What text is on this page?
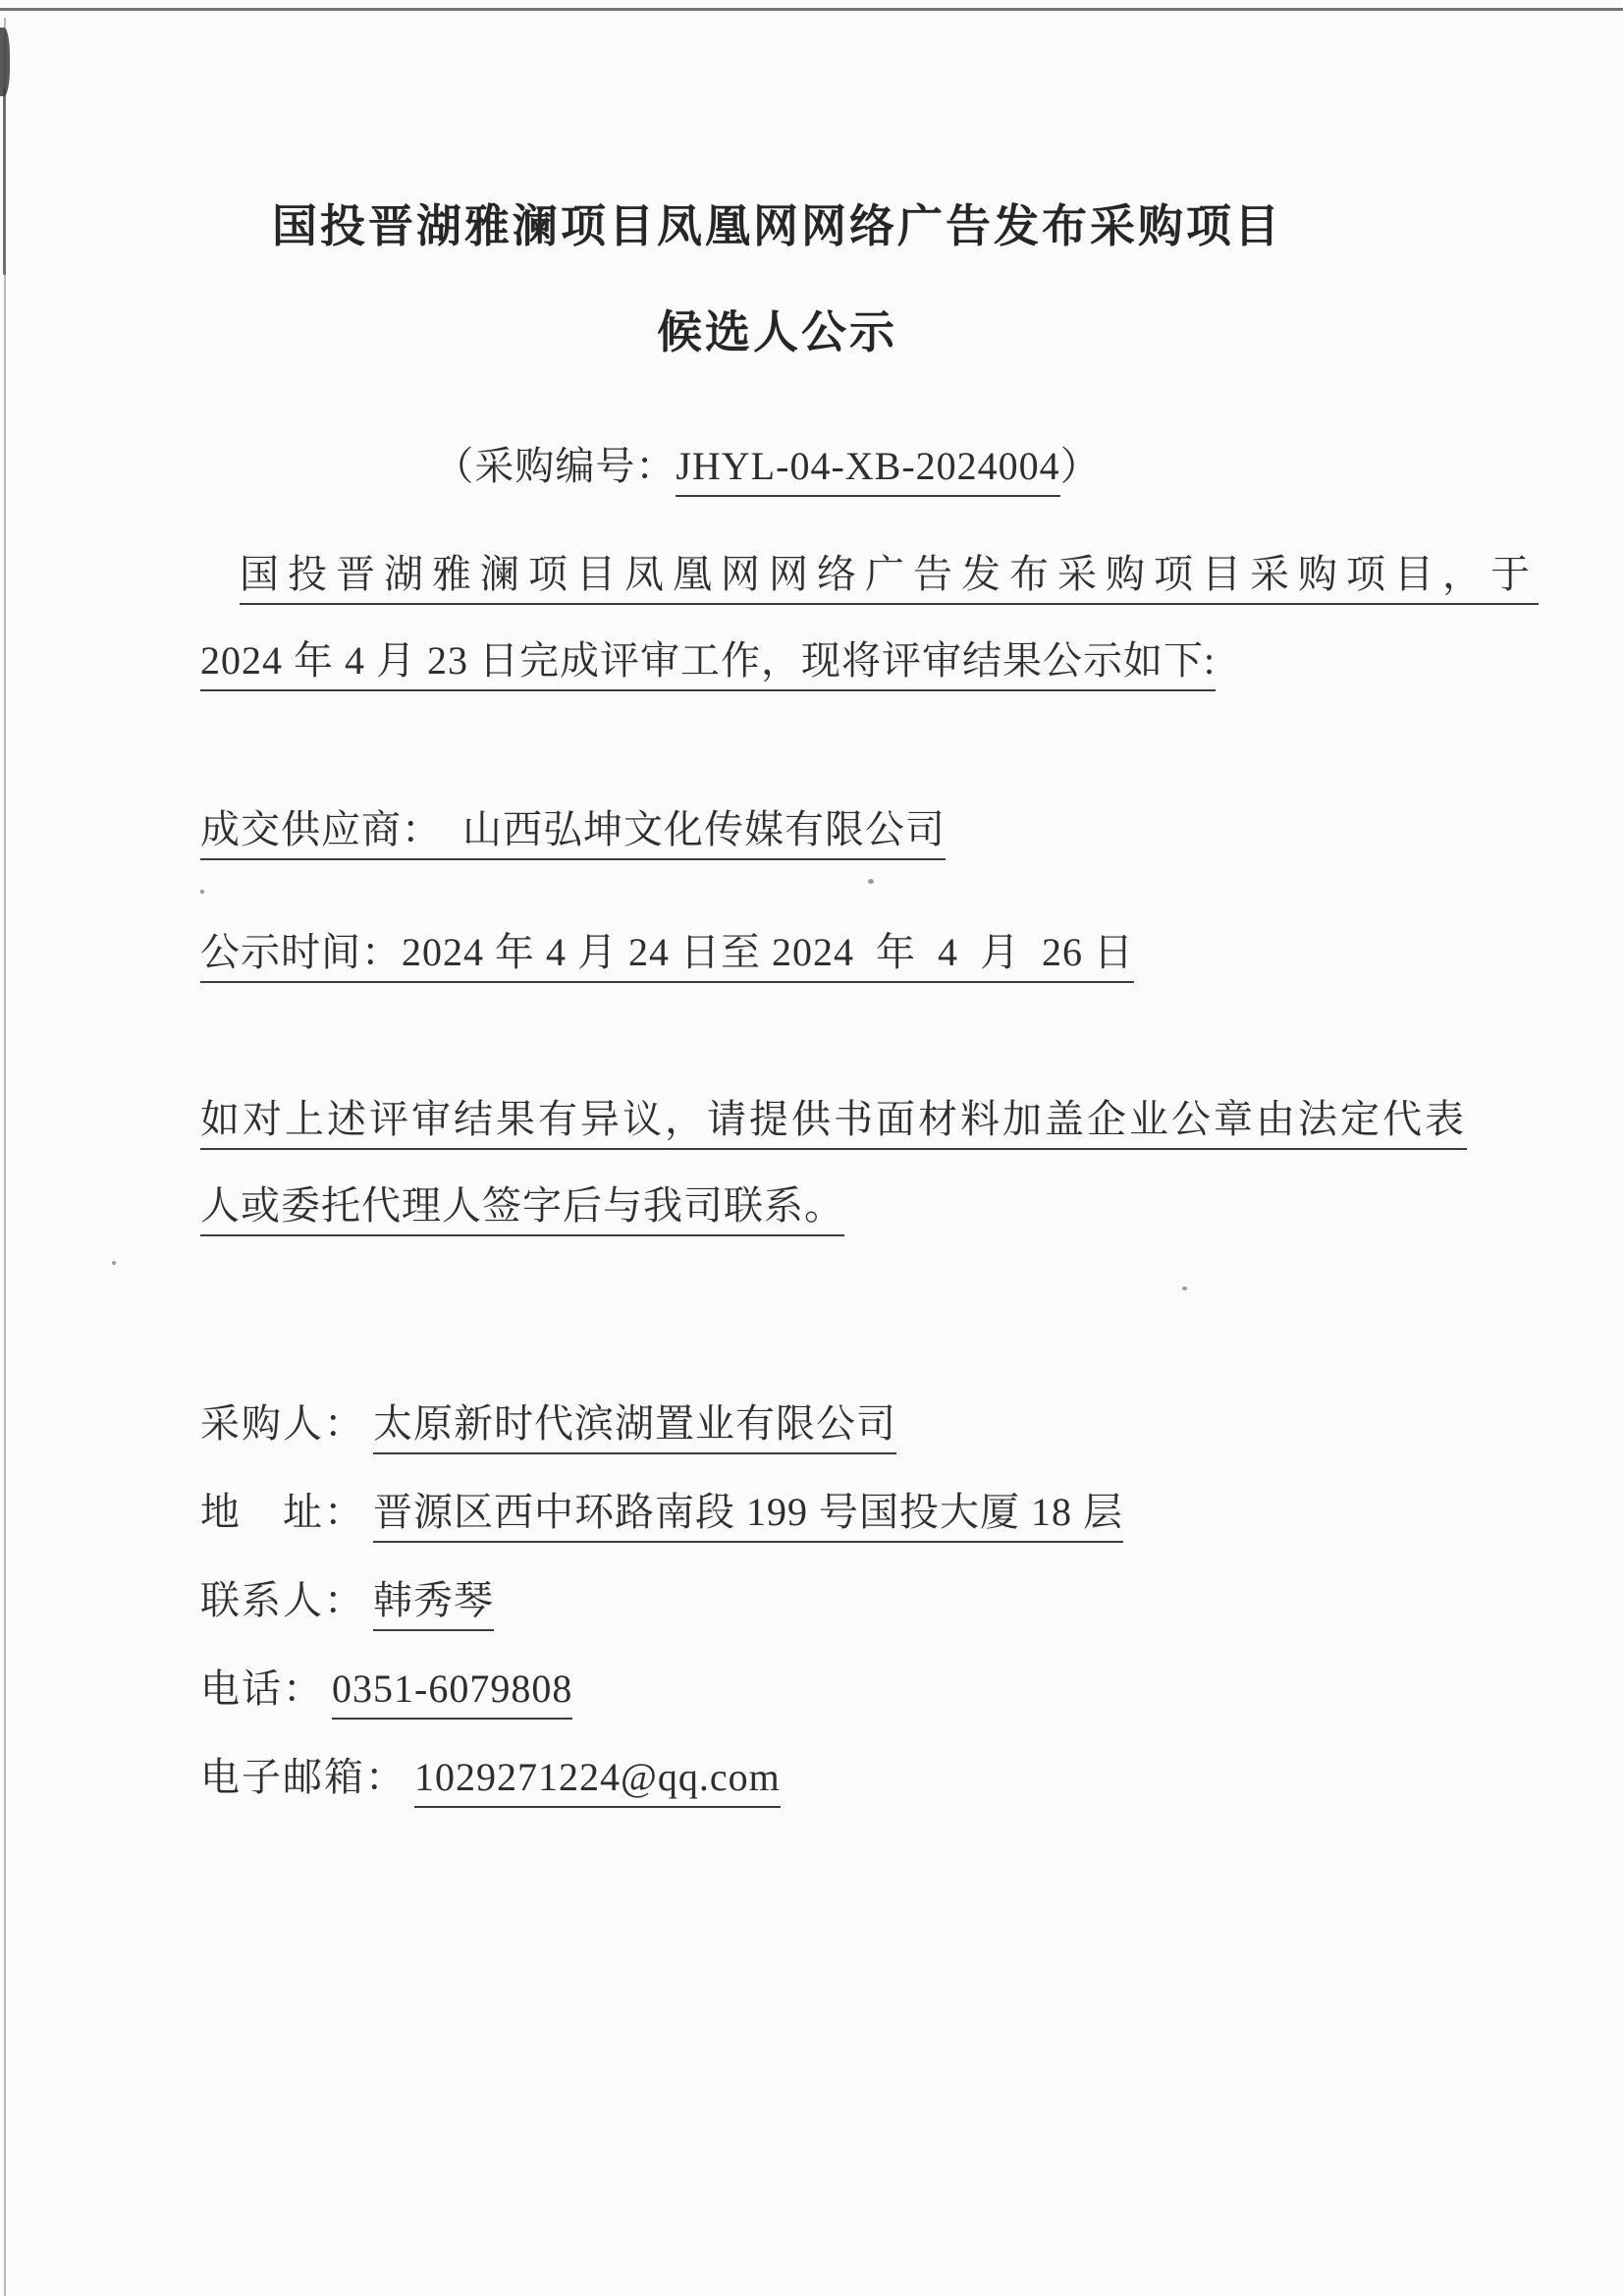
国投晋湖雅澜项目凤凰网网络广告发布采购项目
候选人公示
（采购编号：JHYL-04-XB-2024004）
国投晋湖雅澜项目凤凰网网络广告发布采购项目采购项目，于
2024 年 4 月 23 日完成评审工作，现将评审结果公示如下:
成交供应商：　山西弘坤文化传媒有限公司
公示时间：2024 年 4 月 24 日至 2024  年  4  月  26 日
如对上述评审结果有异议，请提供书面材料加盖企业公章由法定代表
人或委托代理人签字后与我司联系。
采购人： 太原新时代滨湖置业有限公司
地　址： 晋源区西中环路南段 199 号国投大厦 18 层
联系人： 韩秀琴
电话： 0351-6079808
电子邮箱： 1029271224@qq.com
